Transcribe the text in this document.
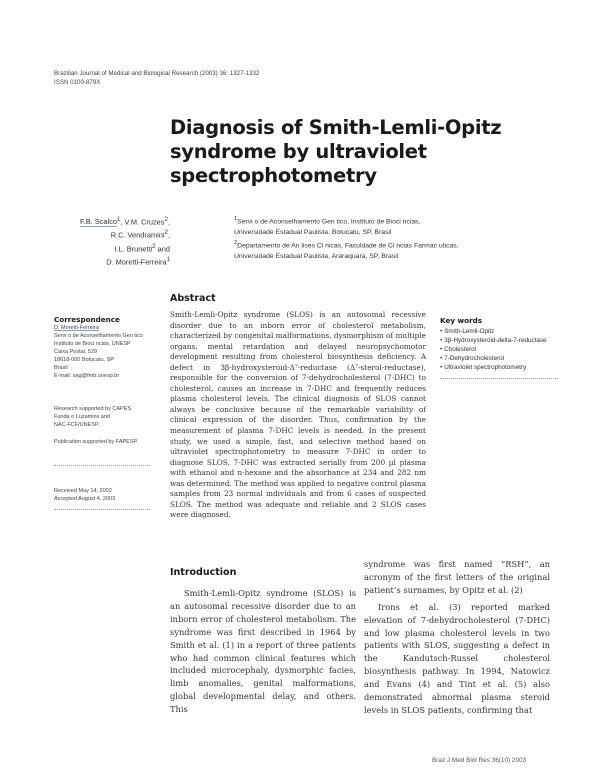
Brazilian Journal of Medical and Biological Research (2003) 36: 1327-1332
ISSN 0100-879X
Diagnosis of Smith-Lemli-Opitz
syndrome by ultraviolet
spectrophotometry
F.B. Scalco$^1$, V.M. Cruzes$^2$,
R.C. Vendramini$^2$,
I.L. Brunetti$^2$ and
D. Moretti-Ferreira$^1$
$^1$Servi o de Aconselhamento Gen tico, Instituto de Bioci ncias,
Universidade Estadual Paulista, Botucatu, SP, Brasil
$^2$Departamento de An lises Cl nicas, Faculdade de Ci ncias Farmac uticas,
Universidade Estadual Paulista, Araraquara, SP, Brasil
Abstract

Smith-Lemli-Opitz syndrome (SLOS) is an autosomal recessive disorder due to an inborn error of cholesterol metabolism, characterized by congenital malformations, dysmorphism of multiple organs, mental retardation and delayed neuropsychomotor development resulting from cholesterol biosynthesis deficiency. A defect in 3β-hydroxysteroid-Δ⁷-reductase (Δ⁷-sterol-reductase), responsible for the conversion of 7-dehydrocholesterol (7-DHC) to cholesterol, causes an increase in 7-DHC and frequently reduces plasma cholesterol levels. The clinical diagnosis of SLOS cannot always be conclusive because of the remarkable variability of clinical expression of the disorder. Thus, confirmation by the measurement of plasma 7-DHC levels is needed. In the present study, we used a simple, fast, and selective method based on ultraviolet spectrophotometry to measure 7-DHC in order to diagnose SLOS. 7-DHC was extracted serially from 200 µl plasma with ethanol and n-hexane and the absorbance at 234 and 282 nm was determined. The method was applied to negative control plasma samples from 23 normal individuals and from 6 cases of suspected SLOS. The method was adequate and reliable and 2 SLOS cases were diagnosed.

Correspondence
D. Moretti-Ferreira
Servi o de Aconselhamento Gen tico
Instituto de Bioci ncias, UNESP
Caixa Postal, 529
18618-000 Botucatu, SP
Brasil
E-mail: sag@fmb.unesp.br
Research supported by CAPES,
Funda o Luzamins and
NAC-FCF/UNESP.
Publication supported by FAPESP.
Received May 14, 2002
Accepted August 4, 2003
Key words
• Smith-Lemli-Opitz
• 3β-Hydroxysteroid-delta-7-reductase
• Cholesterol
• 7-Dehydrocholesterol
• Ultraviolet spectrophotometry
Introduction

Smith-Lemli-Opitz syndrome (SLOS) is an autosomal recessive disorder due to an inborn error of cholesterol metabolism. The syndrome was first described in 1964 by Smith et al. (1) in a report of three patients who had common clinical features which included microcephaly, dysmorphic facies, limb anomalies, genital malformations, global developmental delay, and others. This

syndrome was first named “RSH”, an acronym of the first letters of the original patient’s surnames, by Opitz et al. (2)

Irons et al. (3) reported marked elevation of 7-dehydrocholesterol (7-DHC) and low plasma cholesterol levels in two patients with SLOS, suggesting a defect in the Kandutsch-Russel cholesterol biosynthesis pathway. In 1994, Natowicz and Evans (4) and Tint et al. (5) also demonstrated abnormal plasma steroid levels in SLOS patients, confirming that

Braz J Med Biol Res 36(10) 2003
